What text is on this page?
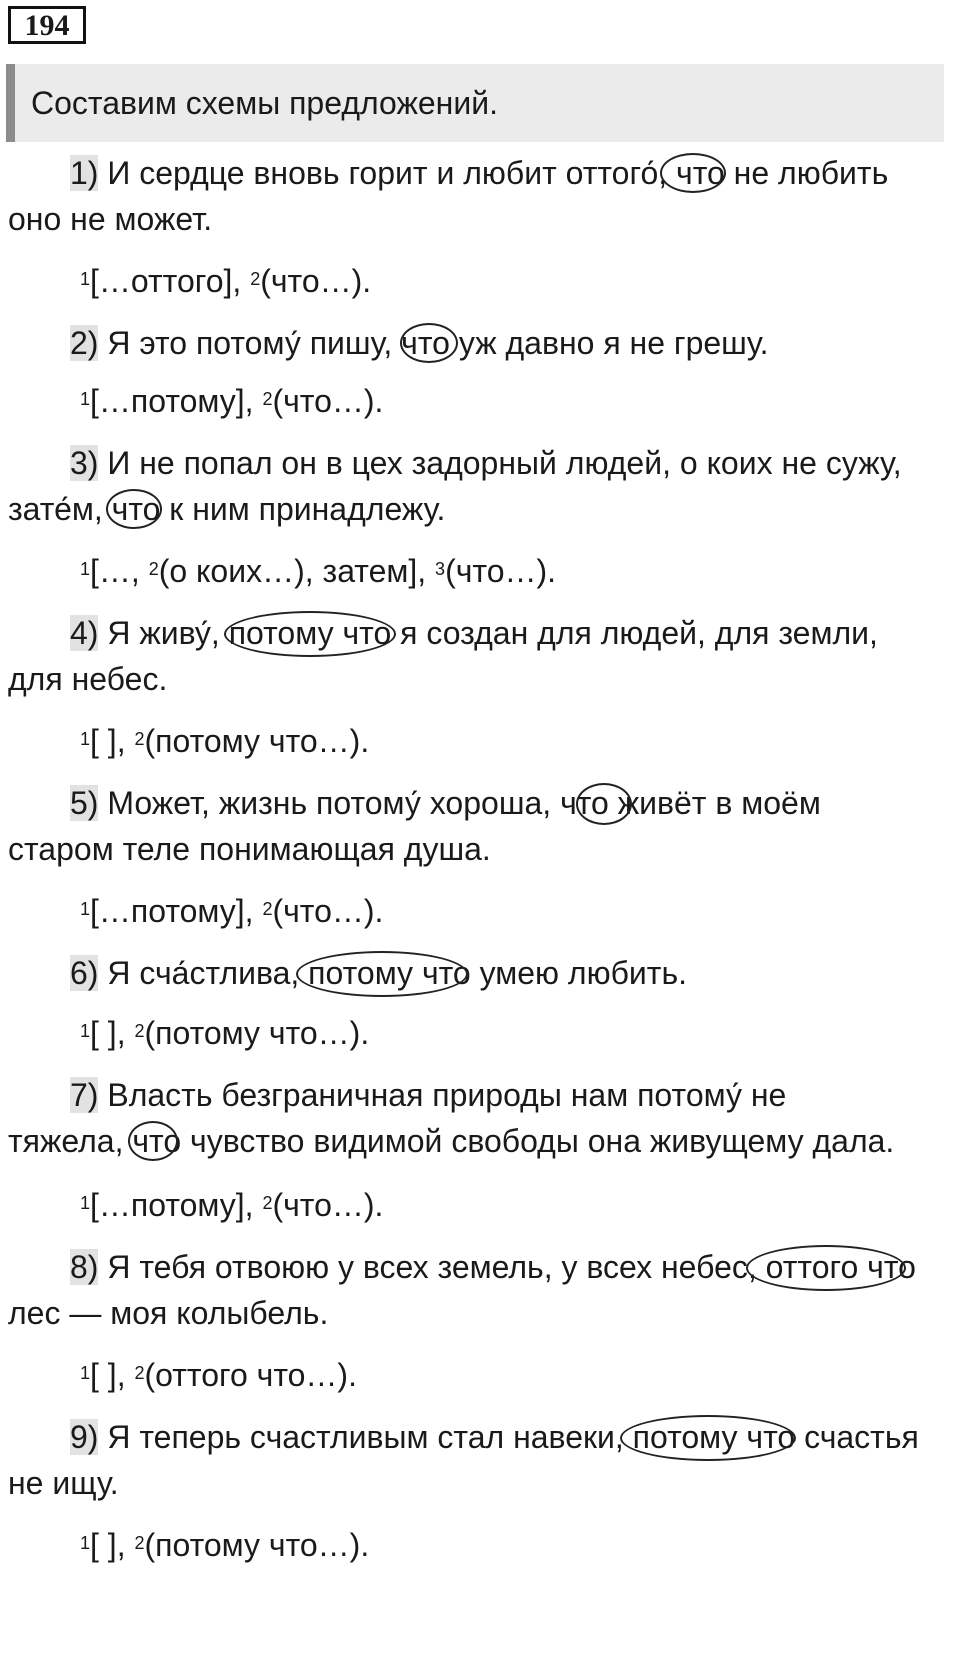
194
Составим схемы предложений.
1) И сердце вновь горит и любит оттого́, что не любить
оно не может.
$^1$[…оттого], $^2$(что…).
2) Я это потому́ пишу, что уж давно я не грешу.
$^1$[…потому], $^2$(что…).
3) И не попал он в цех задорный людей, о коих не сужу,
зате́м, что к ним принадлежу.
$^1$[…, $^2$(о коих…), затем], $^3$(что…).
4) Я живу́, потому что я создан для людей, для земли,
для небес.
$^1$[ ], $^2$(потому что…).
5) Может, жизнь потому́ хороша, что живёт в моём
старом теле понимающая душа.
$^1$[…потому], $^2$(что…).
6) Я сча́стлива, потому что умею любить.
$^1$[ ], $^2$(потому что…).
7) Власть безграничная природы нам потому́ не
тяжела, что чувство видимой свободы она живущему дала.
$^1$[…потому], $^2$(что…).
8) Я тебя отвоюю у всех земель, у всех небес, оттого что
лес — моя колыбель.
$^1$[ ], $^2$(оттого что…).
9) Я теперь счастливым стал навеки, потому что счастья
не ищу.
$^1$[ ], $^2$(потому что…).
